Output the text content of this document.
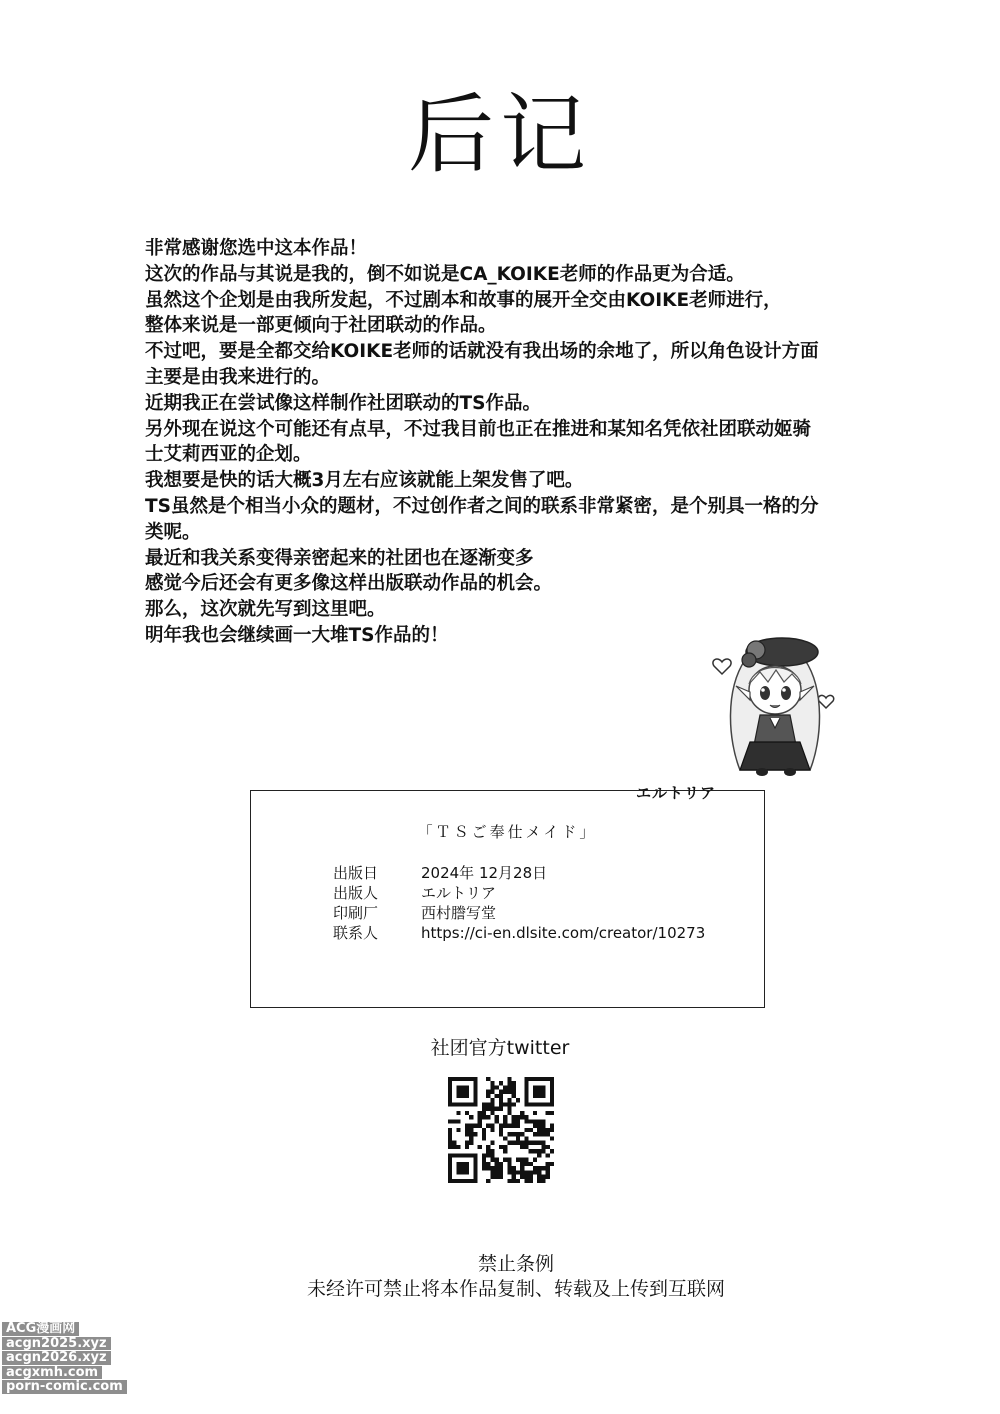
后记
非常感谢您选中这本作品！
这次的作品与其说是我的，倒不如说是CA_KOIKE老师的作品更为合适。
虽然这个企划是由我所发起，不过剧本和故事的展开全交由KOIKE老师进行，
整体来说是一部更倾向于社团联动的作品。
不过吧，要是全都交给KOIKE老师的话就没有我出场的余地了，所以角色设计方面
主要是由我来进行的。
近期我正在尝试像这样制作社团联动的TS作品。
另外现在说这个可能还有点早，不过我目前也正在推进和某知名凭依社团联动姬骑
士艾莉西亚的企划。
我想要是快的话大概3月左右应该就能上架发售了吧。
TS虽然是个相当小众的题材，不过创作者之间的联系非常紧密，是个别具一格的分
类呢。
最近和我关系变得亲密起来的社团也在逐渐变多
感觉今后还会有更多像这样出版联动作品的机会。
那么，这次就先写到这里吧。
明年我也会继续画一大堆TS作品的！
エルトリア
「ＴＳご奉仕メイド」
出版日	2024年 12月28日
出版人	エルトリア
印刷厂	西村謄写堂
联系人	https://ci-en.dlsite.com/creator/10273
社团官方twitter
禁止条例
未经许可禁止将本作品复制、转载及上传到互联网
ACG漫画网
acgn2025.xyz
acgn2026.xyz
acgxmh.com
porn-comic.com
